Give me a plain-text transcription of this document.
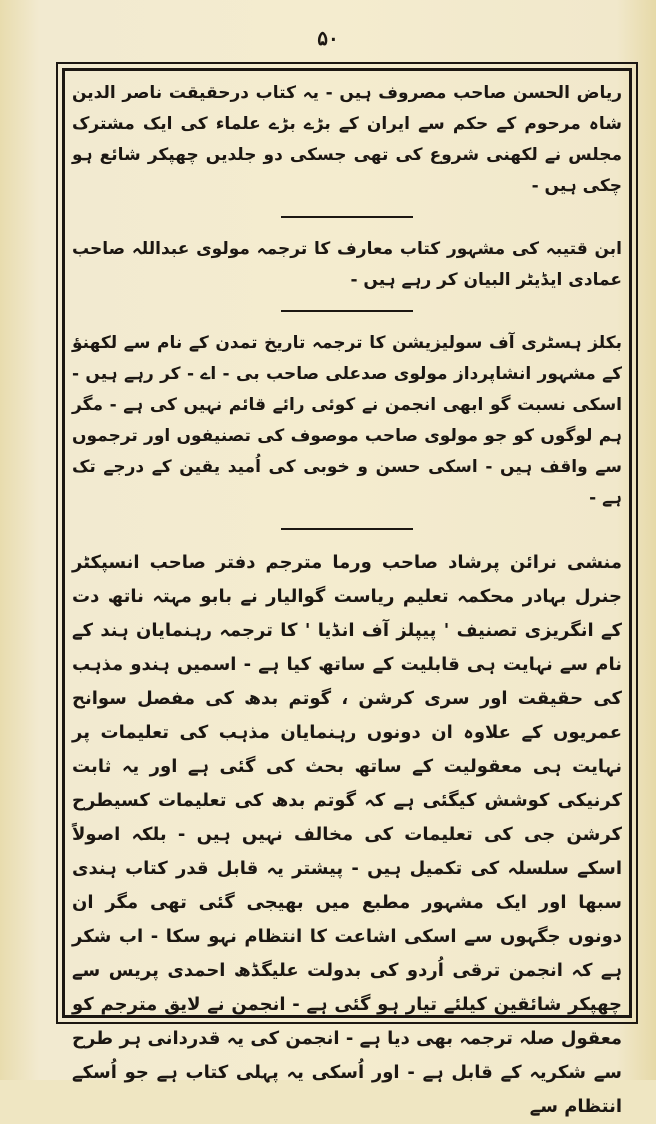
۵۰

ریاض الحسن صاحب مصروف ہیں - یہ کتاب درحقیقت ناصر الدین شاہ مرحوم کے حکم سے ایران کے بڑے بڑے علماء کی ایک مشترک مجلس نے لکھنی شروع کی تھی جسکی دو جلدیں چھپکر شائع ہو چکی ہیں -

ابن قتیبہ کی مشہور کتاب معارف کا ترجمہ مولوی عبداللہ صاحب عمادی ایڈیٹر البیان کر رہے ہیں -

بکلز ہسٹری آف سولیزیشن کا ترجمہ تاریخ تمدن کے نام سے لکھنؤ کے مشہور انشاپرداز مولوی صدعلی صاحب بی - اے - کر رہے ہیں - اسکی نسبت گو ابھی انجمن نے کوئی رائے قائم نہیں کی ہے - مگر ہم لوگوں کو جو مولوی صاحب موصوف کی تصنیفوں اور ترجموں سے واقف ہیں - اسکی حسن و خوبی کی اُمید یقین کے درجے تک ہے -

منشی نرائن پرشاد صاحب ورما مترجم دفتر صاحب انسپکٹر جنرل بہادر محکمہ تعلیم ریاست گوالیار نے بابو مہتہ ناتھ دت کے انگریزی تصنیف ' پیپلز آف انڈیا ' کا ترجمہ رہنمایان ہند کے نام سے نہایت ہی قابلیت کے ساتھ کیا ہے - اسمیں ہندو مذہب کی حقیقت اور سری کرشن ، گوتم بدھ کی مفصل سوانح عمریوں کے علاوہ ان دونوں رہنمایان مذہب کی تعلیمات پر نہایت ہی معقولیت کے ساتھ بحث کی گئی ہے اور یہ ثابت کرنیکی کوشش کیگئی ہے کہ گوتم بدھ کی تعلیمات کسیطرح کرشن جی کی تعلیمات کی مخالف نہیں ہیں - بلکہ اصولاً اسکے سلسلہ کی تکمیل ہیں - پیشتر یہ قابل قدر کتاب ہندی سبھا اور ایک مشہور مطبع میں بھیجی گئی تھی مگر ان دونوں جگہوں سے اسکی اشاعت کا انتظام نہو سکا - اب شکر ہے کہ انجمن ترقی اُردو کی بدولت علیگڈھ احمدی پریس سے چھپکر شائقین کیلئے تیار ہو گئی ہے - انجمن نے لایق مترجم کو معقول صلہ ترجمہ بھی دیا ہے - انجمن کی یہ قدردانی ہر طرح سے شکریہ کے قابل ہے - اور اُسکی یہ پہلی کتاب ہے جو اُسکے انتظام سے
